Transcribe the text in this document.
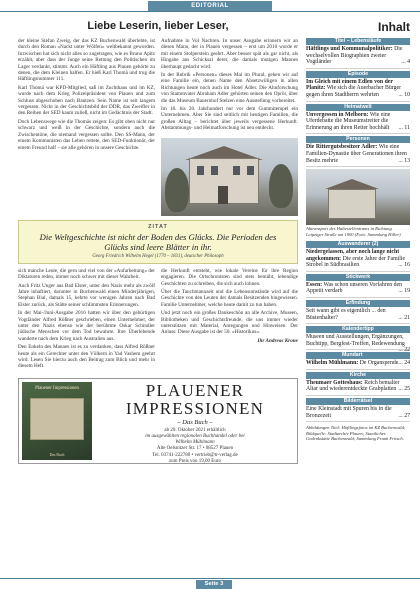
EDITORIAL
Liebe Leserin, lieber Leser,

der kleine Stefan Zweig, der das KZ Buchenwald überlebte, ist durch den Roman »Nackt unter Wölfen« weltbekannt geworden. Inzwischen hat sich nicht alles so zugetragen, wie es Bruno Apitz erzählt, aber dass der Junge seine Rettung den Politischen im Lager verdankt, stimmt. Auch ein Häftling aus Plauen gehörte zu denen, die dem Kleinen halfen. Er hieß Karl Thomä und trug die Häftlingsnummer 111.

Karl Thomä war KPD-Mitglied, saß im Zuchthaus und im KZ, wurde nach dem Krieg Polizeipräsident von Plauen und zum Schluss abgeschoben nach Bautzen. Sein Name ist seit langem vergessen. Nicht in der Geschichtsbild der DDR, das Zweifler in den Reihen der SED kaum zuließ, nicht im Gedächtnis der Stadt.

Doch Lebenswege wie die Thomäs zeigen: Es gibt oben nicht nur schwarz und weiß in der Geschichte, sondern auch die Zwischentöne, die niemand vergessen sollte. Den SS-Mann, der einem Kommunisten das Leben rettete, den SED-Funktionär, der einem Freund half – sie alle gehören in unsere Geschichte.

Aufnahme in Vol Nachren. In unser Ausgabe erinnern wir an diesen Mann, der in Plauen vergessen – erst um 2010 wurde er mit einem Stolperstein geehrt. Aber besser spät als gar nicht, als Hingabe ans Schicksal derer, die damals mutigen Mannes überhaupt gedacht wird.

In der Rubrik »Personen« dieses Mal im Plural, gehen wir auf eine Familie ein, denen Name den Absetzwilligen in allen Richtungen heute noch auch im Hotel Adler. Die Ahnforschung von Stammvater Abraham Adler gehörten seinen den Oprör, über die das Museum Bauernhof Stelzen eine Ausstellung vorbereitet.

Im 18. bis 20. Jahrhundert nur vor dem Gummitempel ein Unternehmen. Aber Sie sind seitlich mit heutigen Familien, die großen Alltag – berichtet über jeweils vergessene Herkunft. Abstammungs- und Heimatforschung ist neu entdeckt.

ZITAT
Die Weltgeschichte ist nicht der Boden des Glücks. Die Perioden des Glücks sind leere Blätter in ihr.
Georg Friedrich Wilhelm Hegel (1770 – 1831), deutscher Philosoph

sich manche Leute, die gern und viel von der »Aufarbeitung« der Diktaturen reden, immer noch schwer mit dieser Wahrheit.

Auch Fritz Unger aus Bad Elster, unter den Nazis mehr als zwölf Jahre inhaftiert, darunter in Buchenwald einen Minderjährigen, Stephan Bial, damals 15, kehrte vor wenigen Jahren nach Bad Elster zurück, als Stätte seiner schlimmsten Erinnerungen.

In der Mai-/Juni-Ausgabe 2016 hatten wir über den gebürtigen Vogtländer Alfred Rößner geschrieben, einen Unternehmer, der unter den Nazis ebenso wie der berühmte Oskar Schindler jüdische Menschen vor dem Tod bewahrte. Ihre Überlebende wanderte nach dem Krieg nach Australien aus.

Den Enkeln des Mannes ist es zu verdanken, dass Alfred Rößner heute als ein Gerechter unter den Völkern in Yad Vashem geehrt wird. Lesen Sie hierzu auch den Beitrag zum Blick und mehr in diesem Heft.

die Herkunft entsteht, wie lokale Vereine für ihre Region engagieren. Die Ortschronisten sind stets bemüht, lebendige Geschichten zu schreiben, die sich auch lohnen.

Über die Tauchmannzeit und die Lebensumstände wird auf die Geschichte von den Leuten der damals Besitzenden hingewiesen. Familie Unternehmer, welche heute damit zu tun haben.

Und jetzt noch ein großes Dankeschön an alle Archive, Museen, Bibliotheken und Geschichtsfreunde, die uns immer wieder unterstützen mit Material, Anregungen und Hinweisen. Der Anlass: Diese Ausgabe ist der 50. »Historikus«.

Ihr Andreas Krone

Plauener Impressionen
Das Buch
PLAUENER
IMPRESSIONEN
– Das Buch –
ab 20. Oktober 2021 erhältlich
im ausgewählten regionalen Buchhandel oder bei
Wilhelm Mühlmann
Alte Oelsnitzer Str. 17 • 08527 Plauen
Tel. 03741-222780 • vertrieb@tr-verlag.de
zum Preis von 19,00 Euro
Inhalt
Titel – Lebensläufe
Häftlings und Kommunalpolitiker: Die wechselvollen Biographien zweier Vogtländer	... 4
Episode
Im Gleich mit einem Edlen von der Planitz: Wie sich die Auerbacher Bürger gegen ihren Stadtherrn wehrten	... 10
Heimatwelt
Unvergessen in Melborn: Wie eine Uferdebatte die Museumstreiter die Erinnerung an ihren Retter hochhält ... 11
Personen
Die Rittergutsbesitzer Adler: Wie eine Familien-Dynastie über Generationen ihren Besitz mehrte	... 13
Abtransport des Haltestellentrams in Richtung Leipziger Straße um 1900 (Foto: Sammlung Hiller)
Auswanderer (2)
Niedergelassen, aber noch lange nicht angekommen: Die erste Jahre der Familie Strobel in Südbrasilien	... 16
Stickwerk
Essen: Was schon unseren Vorfahren den Appetit verdarb	... 19
Erfindung
Seit wann gibt es eigentlich ... den Büstenhalter?	... 21
Kalendertipp
Museen und Ausstellungen, Ergänzungen, Buchtipp, Bergfest-Treffen, Redewendung
... 22
Mundart
Wilhelm Mühlmann: De Organspende ... 24
Kirche
Theumaer Gotteshaus: Reich bemalter Altar und wiederentdeckte Grabplatten ... 25
Bilderrätsel
Eine Kleinstadt mit Spuren bis in die Bronzezeit	... 27
Abbildungen Titel: Häftlingsfotos im KZ Buchenwald; Bildquelle: Stadtarchiv Plauen; Staatliches Gedenkstätte Buchenwald; Sammlung Frank Fritsch.
Seite 3
